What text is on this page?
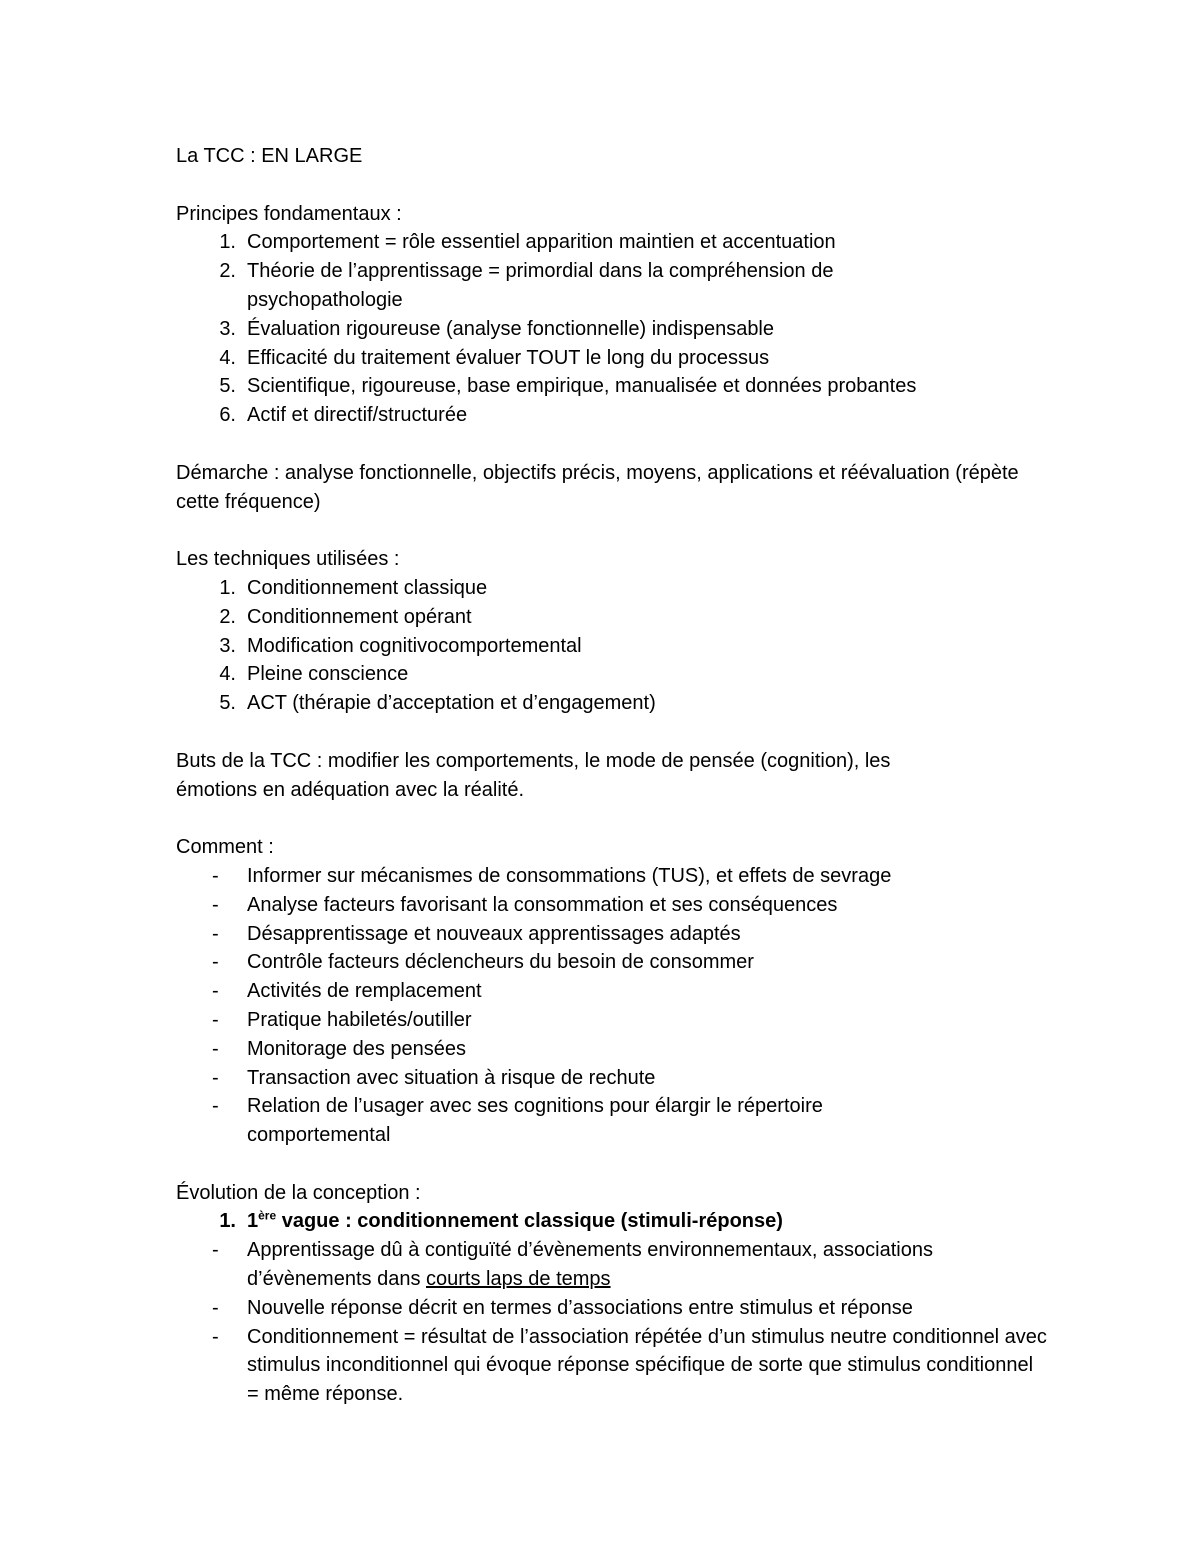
La TCC : EN LARGE

Principes fondamentaux :

1. Comportement = rôle essentiel apparition maintien et accentuation
2. Théorie de l’apprentissage = primordial dans la compréhension de psychopathologie
3. Évaluation rigoureuse (analyse fonctionnelle) indispensable
4. Efficacité du traitement évaluer TOUT le long du processus
5. Scientifique, rigoureuse, base empirique, manualisée et données probantes
6. Actif et directif/structurée

Démarche : analyse fonctionnelle, objectifs précis, moyens, applications et réévaluation (répète cette fréquence)

Les techniques utilisées :

1. Conditionnement classique
2. Conditionnement opérant
3. Modification cognitivocomportemental
4. Pleine conscience
5. ACT (thérapie d’acceptation et d’engagement)

Buts de la TCC : modifier les comportements, le mode de pensée (cognition), les émotions en adéquation avec la réalité.

Comment :

- Informer sur mécanismes de consommations (TUS), et effets de sevrage
- Analyse facteurs favorisant la consommation et ses conséquences
- Désapprentissage et nouveaux apprentissages adaptés
- Contrôle facteurs déclencheurs du besoin de consommer
- Activités de remplacement
- Pratique habiletés/outiller
- Monitorage des pensées
- Transaction avec situation à risque de rechute
- Relation de l’usager avec ses cognitions pour élargir le répertoire comportemental

Évolution de la conception :

1. 1ère vague : conditionnement classique (stimuli-réponse)
- Apprentissage dû à contiguïté d’évènements environnementaux, associations d’évènements dans courts laps de temps
- Nouvelle réponse décrit en termes d’associations entre stimulus et réponse
- Conditionnement = résultat de l’association répétée d’un stimulus neutre conditionnel avec stimulus inconditionnel qui évoque réponse spécifique de sorte que stimulus conditionnel = même réponse.
